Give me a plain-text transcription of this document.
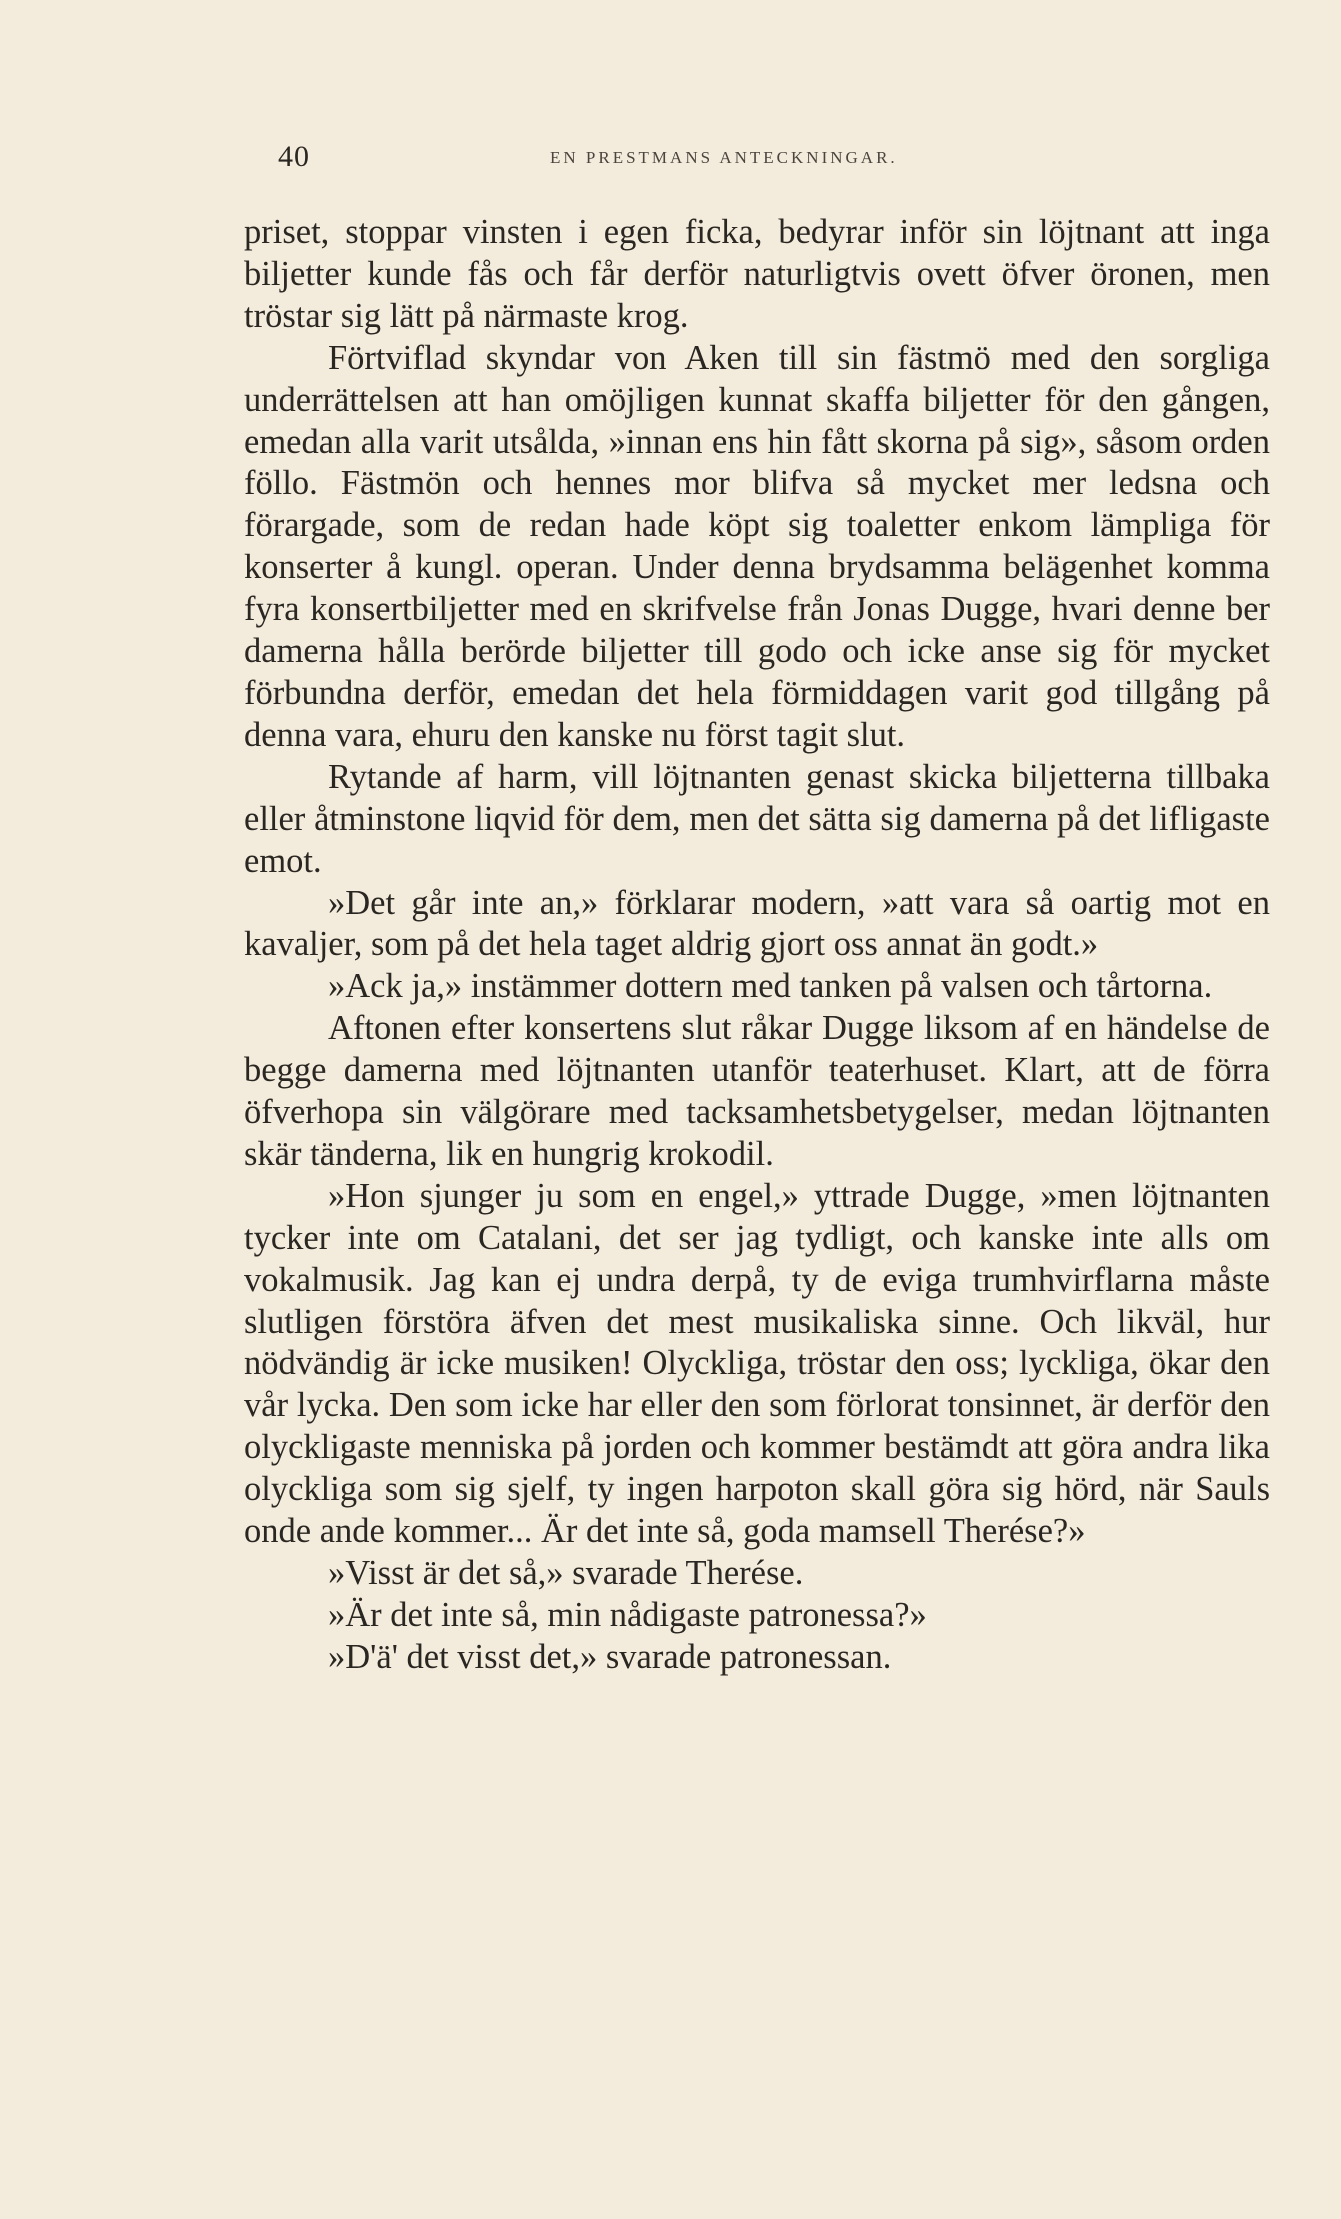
40	EN PRESTMANS ANTECKNINGAR.

priset, stoppar vinsten i egen ficka, bedyrar inför sin löjtnant att inga biljetter kunde fås och får derför naturligtvis ovett öfver öronen, men tröstar sig lätt på närmaste krog.

Förtviflad skyndar von Aken till sin fästmö med den sorgliga underrättelsen att han omöjligen kunnat skaffa biljetter för den gången, emedan alla varit utsålda, »innan ens hin fått skorna på sig», såsom orden föllo. Fästmön och hennes mor blifva så mycket mer ledsna och förargade, som de redan hade köpt sig toaletter enkom lämpliga för konserter å kungl. operan. Under denna brydsamma belägenhet komma fyra konsertbiljetter med en skrifvelse från Jonas Dugge, hvari denne ber damerna hålla berörde biljetter till godo och icke anse sig för mycket förbundna derför, emedan det hela förmiddagen varit god tillgång på denna vara, ehuru den kanske nu först tagit slut.

Rytande af harm, vill löjtnanten genast skicka biljetterna tillbaka eller åtminstone liqvid för dem, men det sätta sig damerna på det lifligaste emot.

»Det går inte an,» förklarar modern, »att vara så oartig mot en kavaljer, som på det hela taget aldrig gjort oss annat än godt.»

»Ack ja,» instämmer dottern med tanken på valsen och tårtorna.

Aftonen efter konsertens slut råkar Dugge liksom af en händelse de begge damerna med löjtnanten utanför teaterhuset. Klart, att de förra öfverhopa sin välgörare med tacksamhetsbetygelser, medan löjtnanten skär tänderna, lik en hungrig krokodil.

»Hon sjunger ju som en engel,» yttrade Dugge, »men löjtnanten tycker inte om Catalani, det ser jag tydligt, och kanske inte alls om vokalmusik. Jag kan ej undra derpå, ty de eviga trumhvirflarna måste slutligen förstöra äfven det mest musikaliska sinne. Och likväl, hur nödvändig är icke musiken! Olyckliga, tröstar den oss; lyckliga, ökar den vår lycka. Den som icke har eller den som förlorat tonsinnet, är derför den olyckligaste menniska på jorden och kommer bestämdt att göra andra lika olyckliga som sig sjelf, ty ingen harpoton skall göra sig hörd, när Sauls onde ande kommer... Är det inte så, goda mamsell Therése?»

»Visst är det så,» svarade Therése.

»Är det inte så, min nådigaste patronessa?»

»D'ä' det visst det,» svarade patronessan.
